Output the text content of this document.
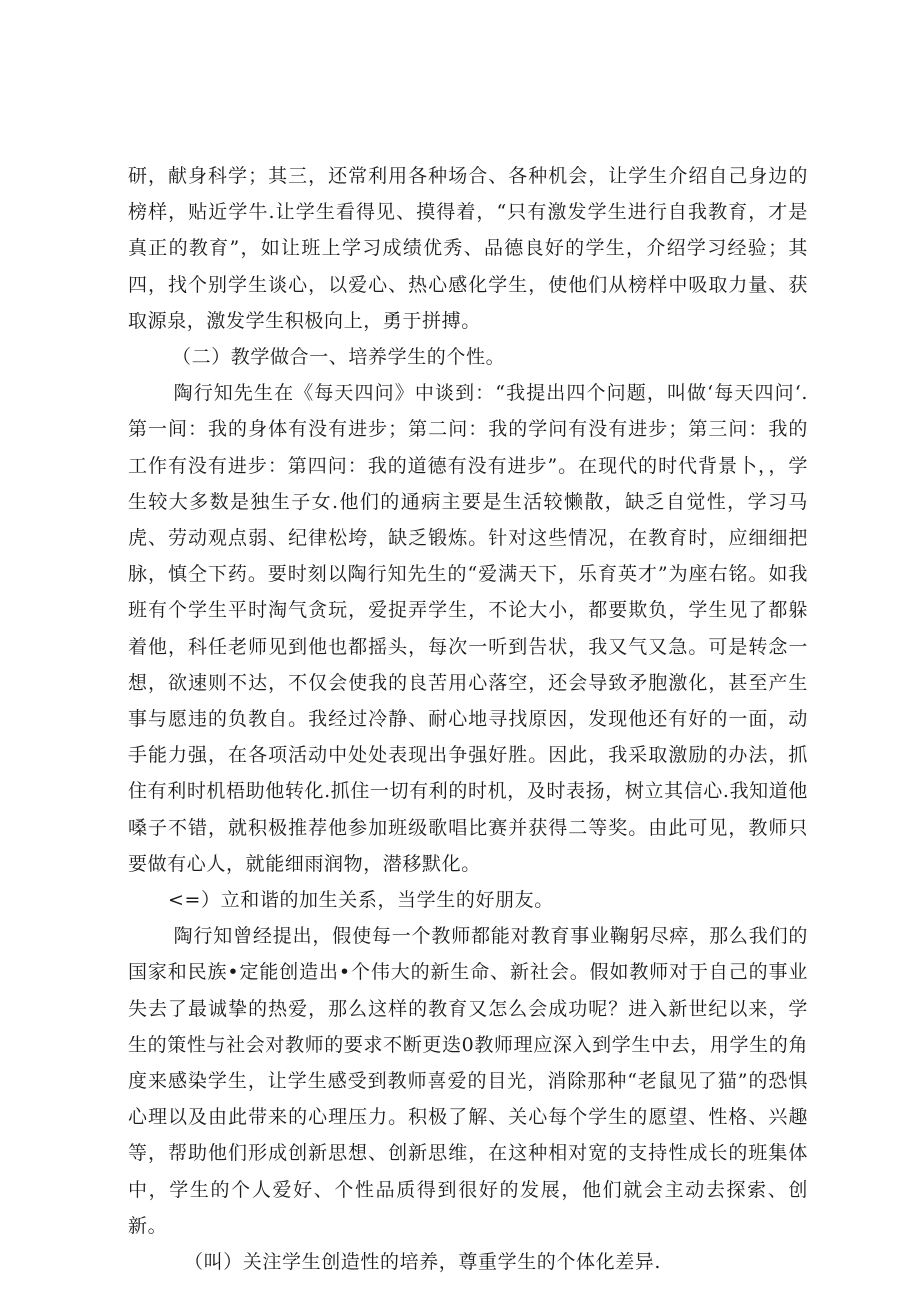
研，献身科学；其三，还常利用各种场合、各种机会，让学生介绍自己身边的榜样，贴近学牛.让学生看得见、摸得着，“只有激发学生进行自我教育，才是真正的教育”，如让班上学习成绩优秀、品德良好的学生，介绍学习经验；其四，找个别学生谈心，以爱心、热心感化学生，使他们从榜样中吸取力量、获取源泉，激发学生积极向上，勇于拼搏。

（二）教学做合一、培养学生的个性。

陶行知先生在《每天四问》中谈到：“我提出四个问题，叫做‘每天四问‘.第一间：我的身体有没有进步；第二问：我的学问有没有进步；第三问：我的工作有没有进步：第四问：我的道德有没有进步”。在现代的时代背景卜，，学生较大多数是独生子女.他们的通病主要是生活较懒散，缺乏自觉性，学习马虎、劳动观点弱、纪律松垮，缺乏锻炼。针对这些情况，在教育时，应细细把脉，慎仝下药。要时刻以陶行知先生的“爱满天下，乐育英才”为座右铭。如我班有个学生平时淘气贪玩，爱捉弄学生，不论大小，都要欺负，学生见了都躲着他，科任老师见到他也都摇头，每次一听到告状，我又气又急。可是转念一想，欲速则不达，不仅会使我的良苦用心落空，还会导致矛胞激化，甚至产生事与愿违的负教自。我经过冷静、耐心地寻找原因，发现他还有好的一面，动手能力强，在各项活动中处处表现出争强好胜。因此，我采取激励的办法，抓住有利时机梧助他转化.抓住一切有利的时机，及时表扬，树立其信心.我知道他嗓子不错，就积极推荐他参加班级歌唱比赛并获得二等奖。由此可见，教师只要做有心人，就能细雨润物，潜移默化。

<=）立和谐的加生关系，当学生的好朋友。

陶行知曾经提出，假使每一个教师都能对教育事业鞠躬尽瘁，那么我们的国家和民族•定能创造出•个伟大的新生命、新社会。假如教师对于自己的事业失去了最诚挚的热爱，那么这样的教育又怎么会成功呢？进入新世纪以来，学生的策性与社会对教师的要求不断更迭0教师理应深入到学生中去，用学生的角度来感染学生，让学生感受到教师喜爱的目光，消除那种“老鼠见了猫”的恐惧心理以及由此带来的心理压力。积极了解、关心每个学生的愿望、性格、兴趣等，帮助他们形成创新思想、创新思维，在这种相对宽的支持性成长的班集体中，学生的个人爱好、个性品质得到很好的发展，他们就会主动去探索、创新。

（叫）关注学生创造性的培养，尊重学生的个体化差异.
